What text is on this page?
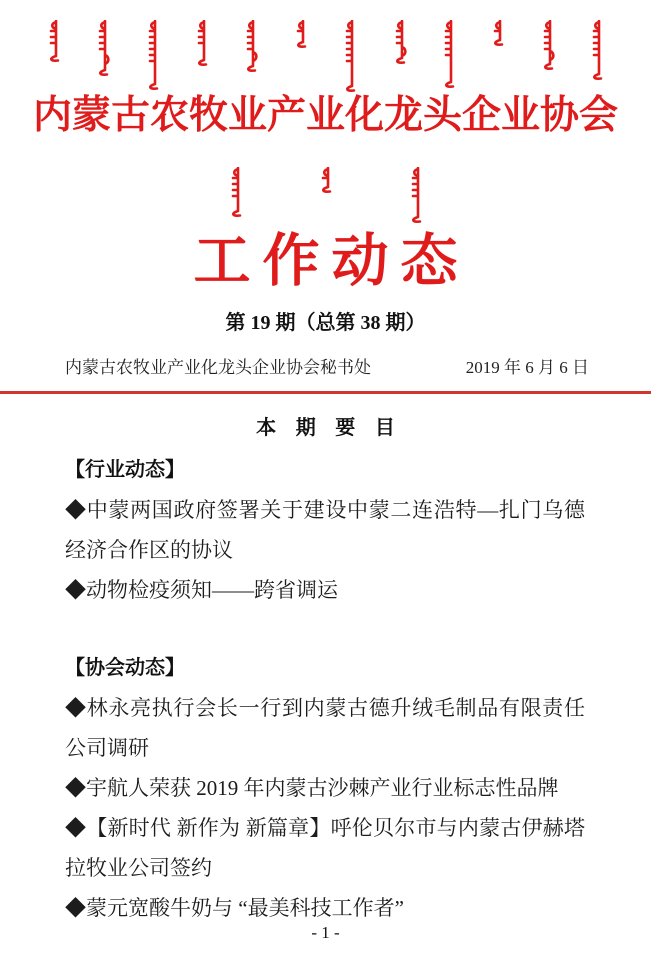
内蒙古农牧业产业化龙头企业协会
工作动态
第 19 期（总第 38 期）
内蒙古农牧业产业化龙头企业协会秘书处	2019 年 6 月 6 日
本 期 要 目
【行业动态】

◆中蒙两国政府签署关于建设中蒙二连浩特—扎门乌德经济合作区的协议

◆动物检疫须知——跨省调运

【协会动态】

◆林永亮执行会长一行到内蒙古德升绒毛制品有限责任公司调研

◆宇航人荣获 2019 年内蒙古沙棘产业行业标志性品牌

◆【新时代 新作为 新篇章】呼伦贝尔市与内蒙古伊赫塔拉牧业公司签约

◆蒙元宽酸牛奶与 “最美科技工作者”

- 1 -
